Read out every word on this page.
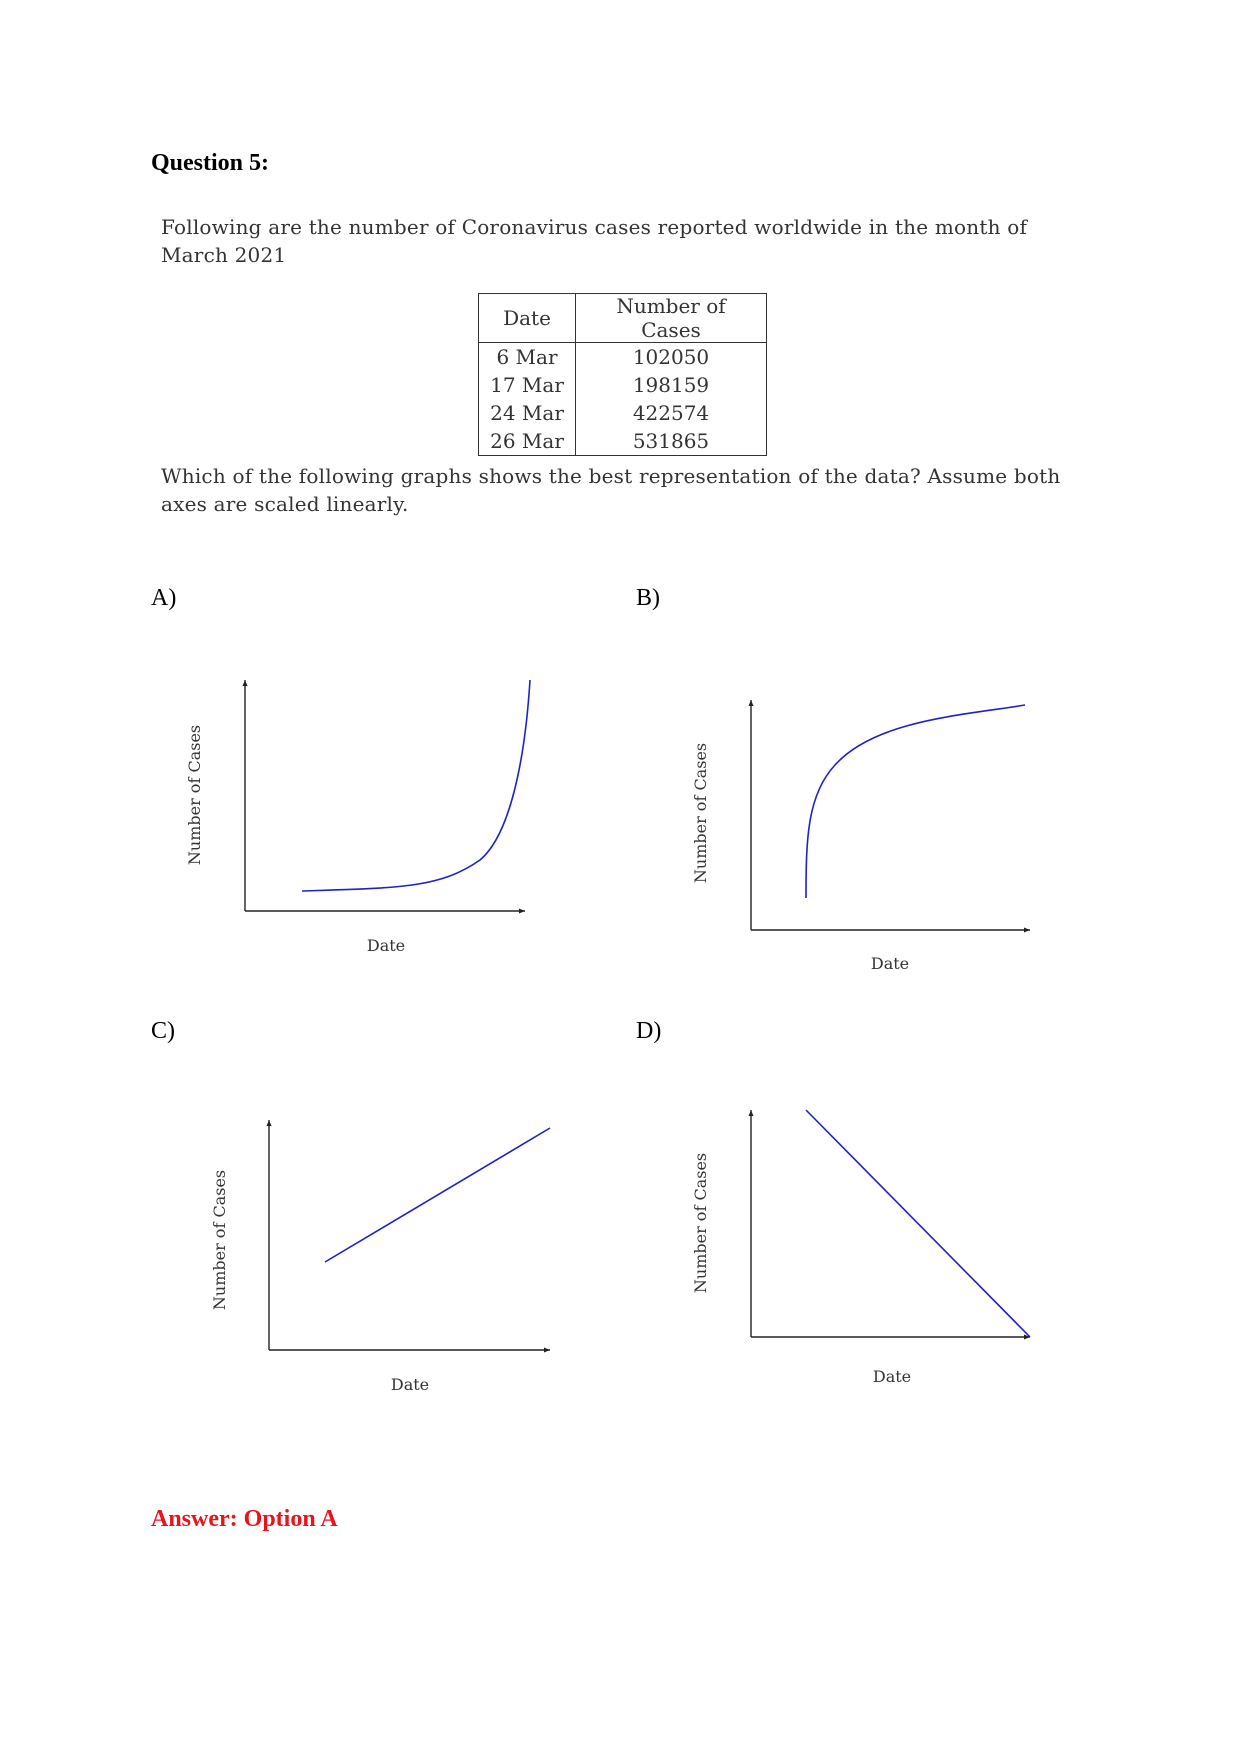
Question 5:
Following are the number of Coronavirus cases reported worldwide in the month of March 2021
Date	Number of Cases
6 Mar	102050
17 Mar	198159
24 Mar	422574
26 Mar	531865
Which of the following graphs shows the best representation of the data? Assume both axes are scaled linearly.
A)	B)
C)	D)
Date
Number of Cases
Date
Number of Cases
Date
Number of Cases
Date
Number of Cases
Answer: Option A
